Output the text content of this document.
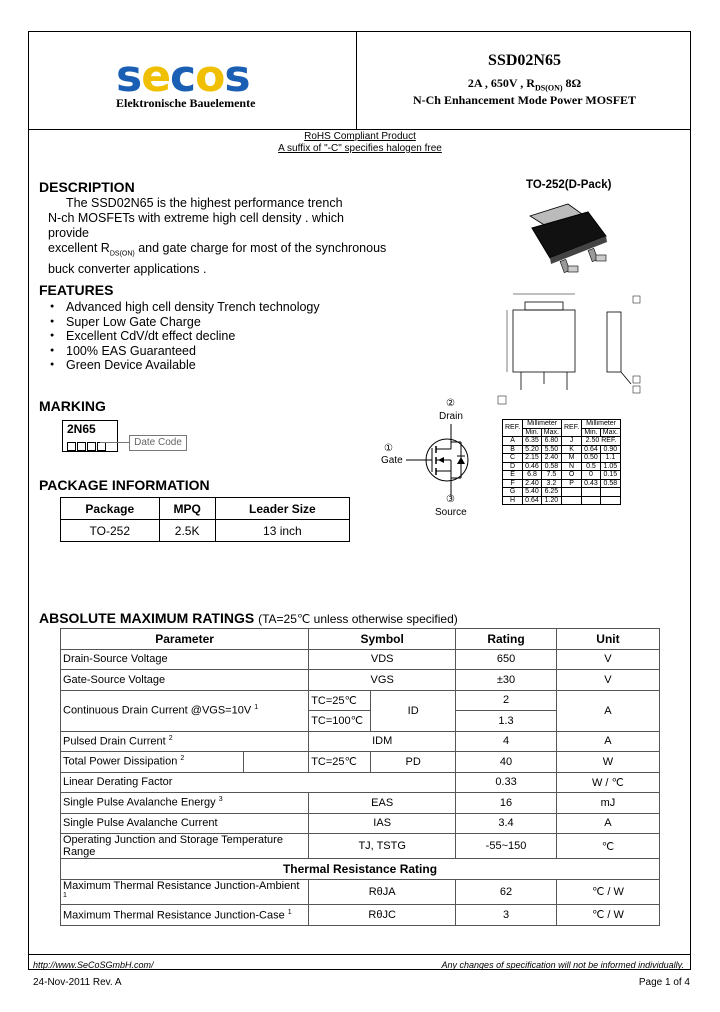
secos
Elektronische Bauelemente
SSD02N65
2A , 650V , $R_{DS(ON)}$ 8Ω
N-Ch Enhancement Mode Power MOSFET
RoHS Compliant Product
A suffix of "-C" specifies halogen free
DESCRIPTION
The SSD02N65 is the highest performance trench
N-ch MOSFETs with extreme high cell density . which provide
excellent $R_{DS(ON)}$ and gate charge for most of the synchronous
buck converter applications .
FEATURES
● Advanced high cell density Trench technology
● Super Low Gate Charge
● Excellent CdV/dt effect decline
● 100% EAS Guaranteed
● Green Device Available
MARKING
2N65
Date Code
PACKAGE INFORMATION
Package	MPQ	Leader Size
TO-252	2.5K	13 inch
TO-252(D-Pack)
②
Drain
①
Gate
③
Source
REF.	Millimeter		REF.	Millimeter	
	Min.	Max.		Min.	Max.
A	6.35	6.80	J	2.50 REF.	
B	5.20	5.50	K	0.64	0.90
C	2.15	2.40	M	0.50	1.1
D	0.46	0.58	N	0.5	1.05
E	6.8	7.5	O	0	0.15
F	2.40	3.2	P	0.43	0.58
G	5.40	6.25			
H	0.64	1.20			
ABSOLUTE MAXIMUM RATINGS (TA=25℃ unless otherwise specified)
Parameter		Symbol		Rating	Unit
Drain-Source Voltage		VDS		650	V
Gate-Source Voltage		VGS		±30	V
Continuous Drain Current @VGS=10V $^1$		TC=25℃	ID	2	A
		TC=100℃		1.3	
Pulsed Drain Current $^2$		IDM		4	A
Total Power Dissipation $^2$		TC=25℃	PD	40	W
Linear Derating Factor				0.33	W / ℃
Single Pulse Avalanche Energy $^3$		EAS		16	mJ
Single Pulse Avalanche Current		IAS		3.4	A
Operating Junction and Storage Temperature Range		TJ, TSTG		-55~150	℃
Thermal Resistance Rating					
Maximum Thermal Resistance Junction-Ambient $^1$		RθJA		62	℃ / W
Maximum Thermal Resistance Junction-Case $^1$		RθJC		3	℃ / W
http://www.SeCoSGmbH.com/	Any changes of specification will not be informed individually.
24-Nov-2011 Rev. A	Page 1 of 4
